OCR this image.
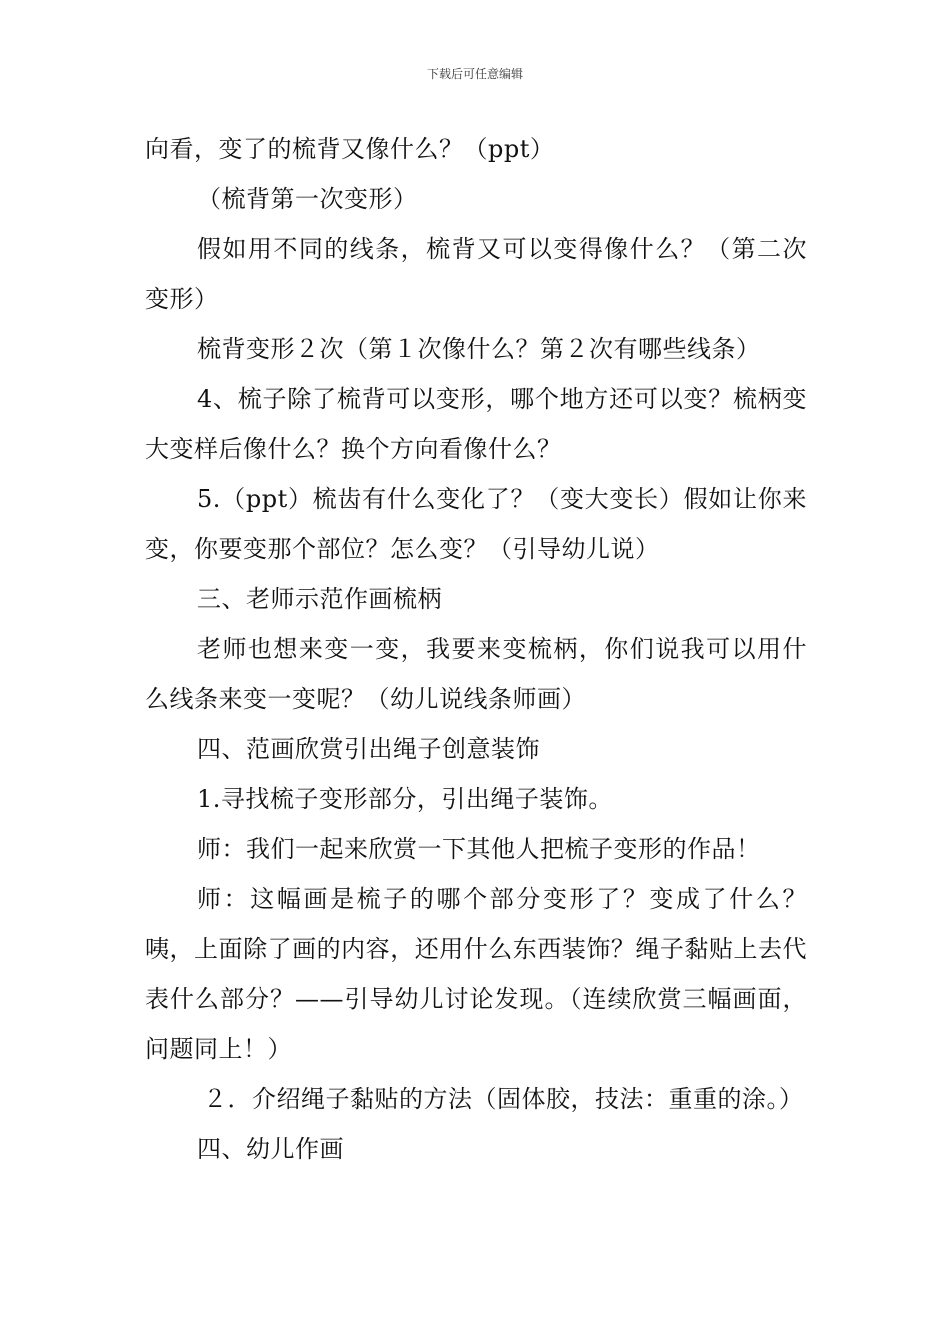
下载后可任意编辑

向看，变了的梳背又像什么？（ppt）

（梳背第一次变形）

假如用不同的线条，梳背又可以变得像什么？（第二次变形）

梳背变形２次（第１次像什么？第２次有哪些线条）

4、梳子除了梳背可以变形，哪个地方还可以变？梳柄变大变样后像什么？换个方向看像什么？

5.（ppt）梳齿有什么变化了？（变大变长）假如让你来变，你要变那个部位？怎么变？（引导幼儿说）

三、老师示范作画梳柄

老师也想来变一变，我要来变梳柄，你们说我可以用什么线条来变一变呢？（幼儿说线条师画）

四、范画欣赏引出绳子创意装饰

1.寻找梳子变形部分，引出绳子装饰。

师：我们一起来欣赏一下其他人把梳子变形的作品！

师：这幅画是梳子的哪个部分变形了？变成了什么？咦，上面除了画的内容，还用什么东西装饰？绳子黏贴上去代表什么部分？——引导幼儿讨论发现。（连续欣赏三幅画面，问题同上！）

２．介绍绳子黏贴的方法（固体胶，技法：重重的涂。）

四、幼儿作画
